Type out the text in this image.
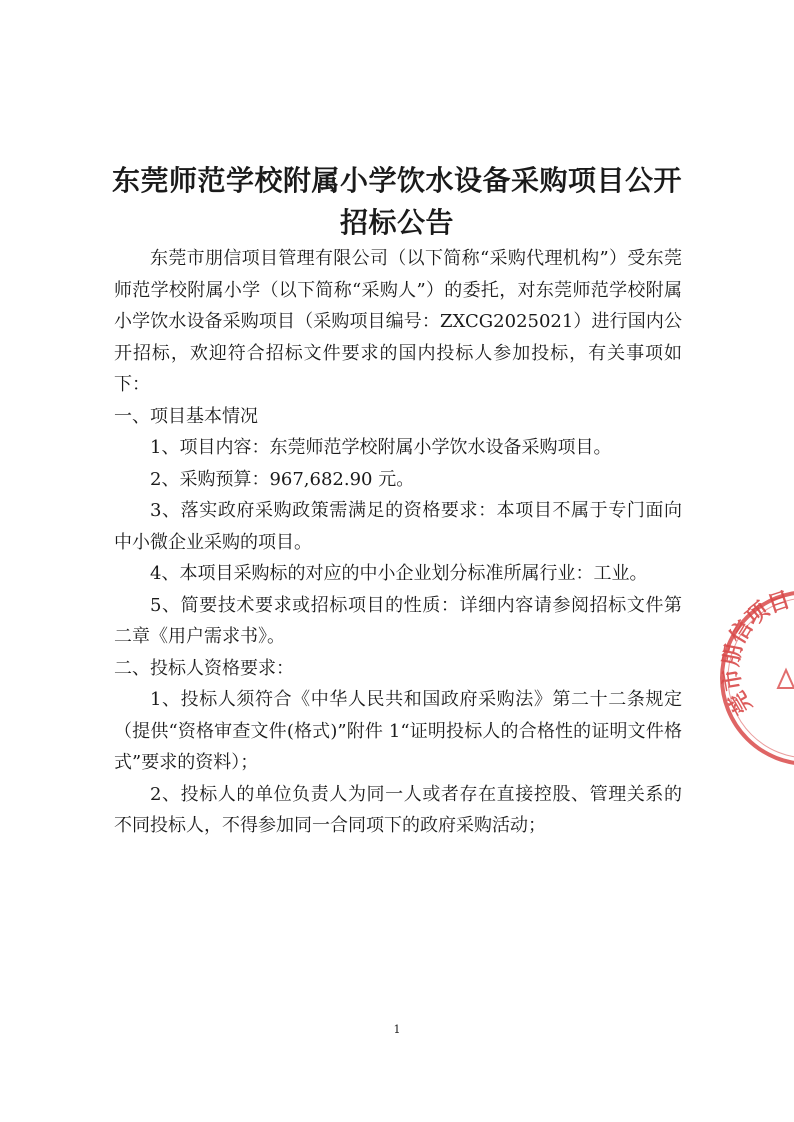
东莞师范学校附属小学饮水设备采购项目公开
招标公告

东莞市朋信项目管理有限公司（以下简称“采购代理机构”）受东莞师范学校附属小学（以下简称“采购人”）的委托，对东莞师范学校附属小学饮水设备采购项目（采购项目编号：ZXCG2025021）进行国内公开招标，欢迎符合招标文件要求的国内投标人参加投标，有关事项如下：

一、项目基本情况

1、项目内容：东莞师范学校附属小学饮水设备采购项目。

2、采购预算：967,682.90 元。

3、落实政府采购政策需满足的资格要求：本项目不属于专门面向中小微企业采购的项目。

4、本项目采购标的对应的中小企业划分标准所属行业：工业。

5、简要技术要求或招标项目的性质：详细内容请参阅招标文件第二章《用户需求书》。

二、投标人资格要求：

1、投标人须符合《中华人民共和国政府采购法》第二十二条规定（提供“资格审查文件(格式)”附件 1“证明投标人的合格性的证明文件格式”要求的资料）；

2、投标人的单位负责人为同一人或者存在直接控股、管理关系的不同投标人，不得参加同一合同项下的政府采购活动；

莞市朋信项目
1
